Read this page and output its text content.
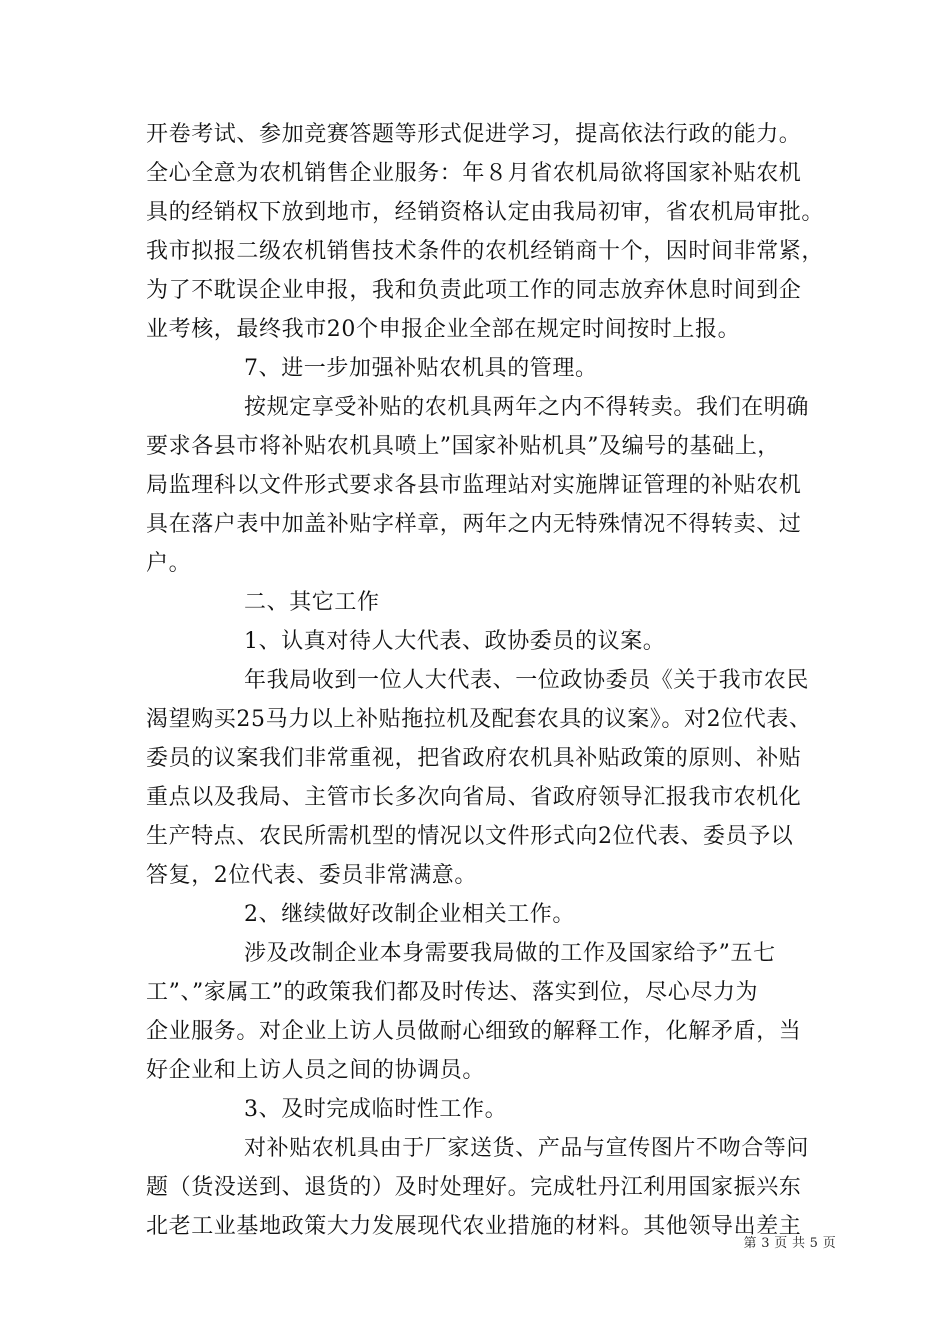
开卷考试、参加竞赛答题等形式促进学习，提高依法行政的能力。
全心全意为农机销售企业服务：年８月省农机局欲将国家补贴农机
具的经销权下放到地市，经销资格认定由我局初审，省农机局审批。
我市拟报二级农机销售技术条件的农机经销商十个，因时间非常紧，
为了不耽误企业申报，我和负责此项工作的同志放弃休息时间到企
业考核，最终我市20个申报企业全部在规定时间按时上报。
7、进一步加强补贴农机具的管理。
按规定享受补贴的农机具两年之内不得转卖。我们在明确
要求各县市将补贴农机具喷上”国家补贴机具”及编号的基础上，
局监理科以文件形式要求各县市监理站对实施牌证管理的补贴农机
具在落户表中加盖补贴字样章，两年之内无特殊情况不得转卖、过
户。
二、其它工作
1、认真对待人大代表、政协委员的议案。
年我局收到一位人大代表、一位政协委员《关于我市农民
渴望购买25马力以上补贴拖拉机及配套农具的议案》。对2位代表、
委员的议案我们非常重视，把省政府农机具补贴政策的原则、补贴
重点以及我局、主管市长多次向省局、省政府领导汇报我市农机化
生产特点、农民所需机型的情况以文件形式向2位代表、委员予以
答复，2位代表、委员非常满意。
2、继续做好改制企业相关工作。
涉及改制企业本身需要我局做的工作及国家给予”五七
工”、”家属工”的政策我们都及时传达、落实到位，尽心尽力为
企业服务。对企业上访人员做耐心细致的解释工作，化解矛盾，当
好企业和上访人员之间的协调员。
3、及时完成临时性工作。
对补贴农机具由于厂家送货、产品与宣传图片不吻合等问
题（货没送到、退货的）及时处理好。完成牡丹江利用国家振兴东
北老工业基地政策大力发展现代农业措施的材料。其他领导出差主
第 3 页 共 5 页
